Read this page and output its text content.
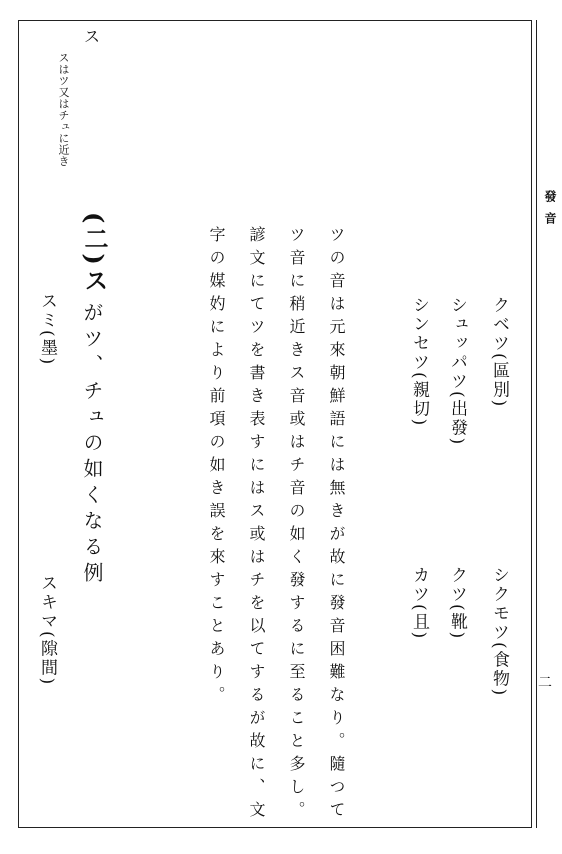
ス
スはツ又はチュに近き
(二)ス
がツ、チュの如くなる例
スミ(墨)
スキマ(隙間)	ツの音は元來朝鮮語には無きが故に發音困難なり。隨つて
ツ音に稍近きス音或はチ音の如く發するに至ること多し。
諺文にてツを書き表すにはス或はチを以てするが故に、文
字の媒妁により前項の如き誤を來すことあり。	クベツ(區別)
シュッパツ(出發)
シンセツ(親切)
シクモツ(食物)
クツ(靴)
カツ(且)
發音
二
